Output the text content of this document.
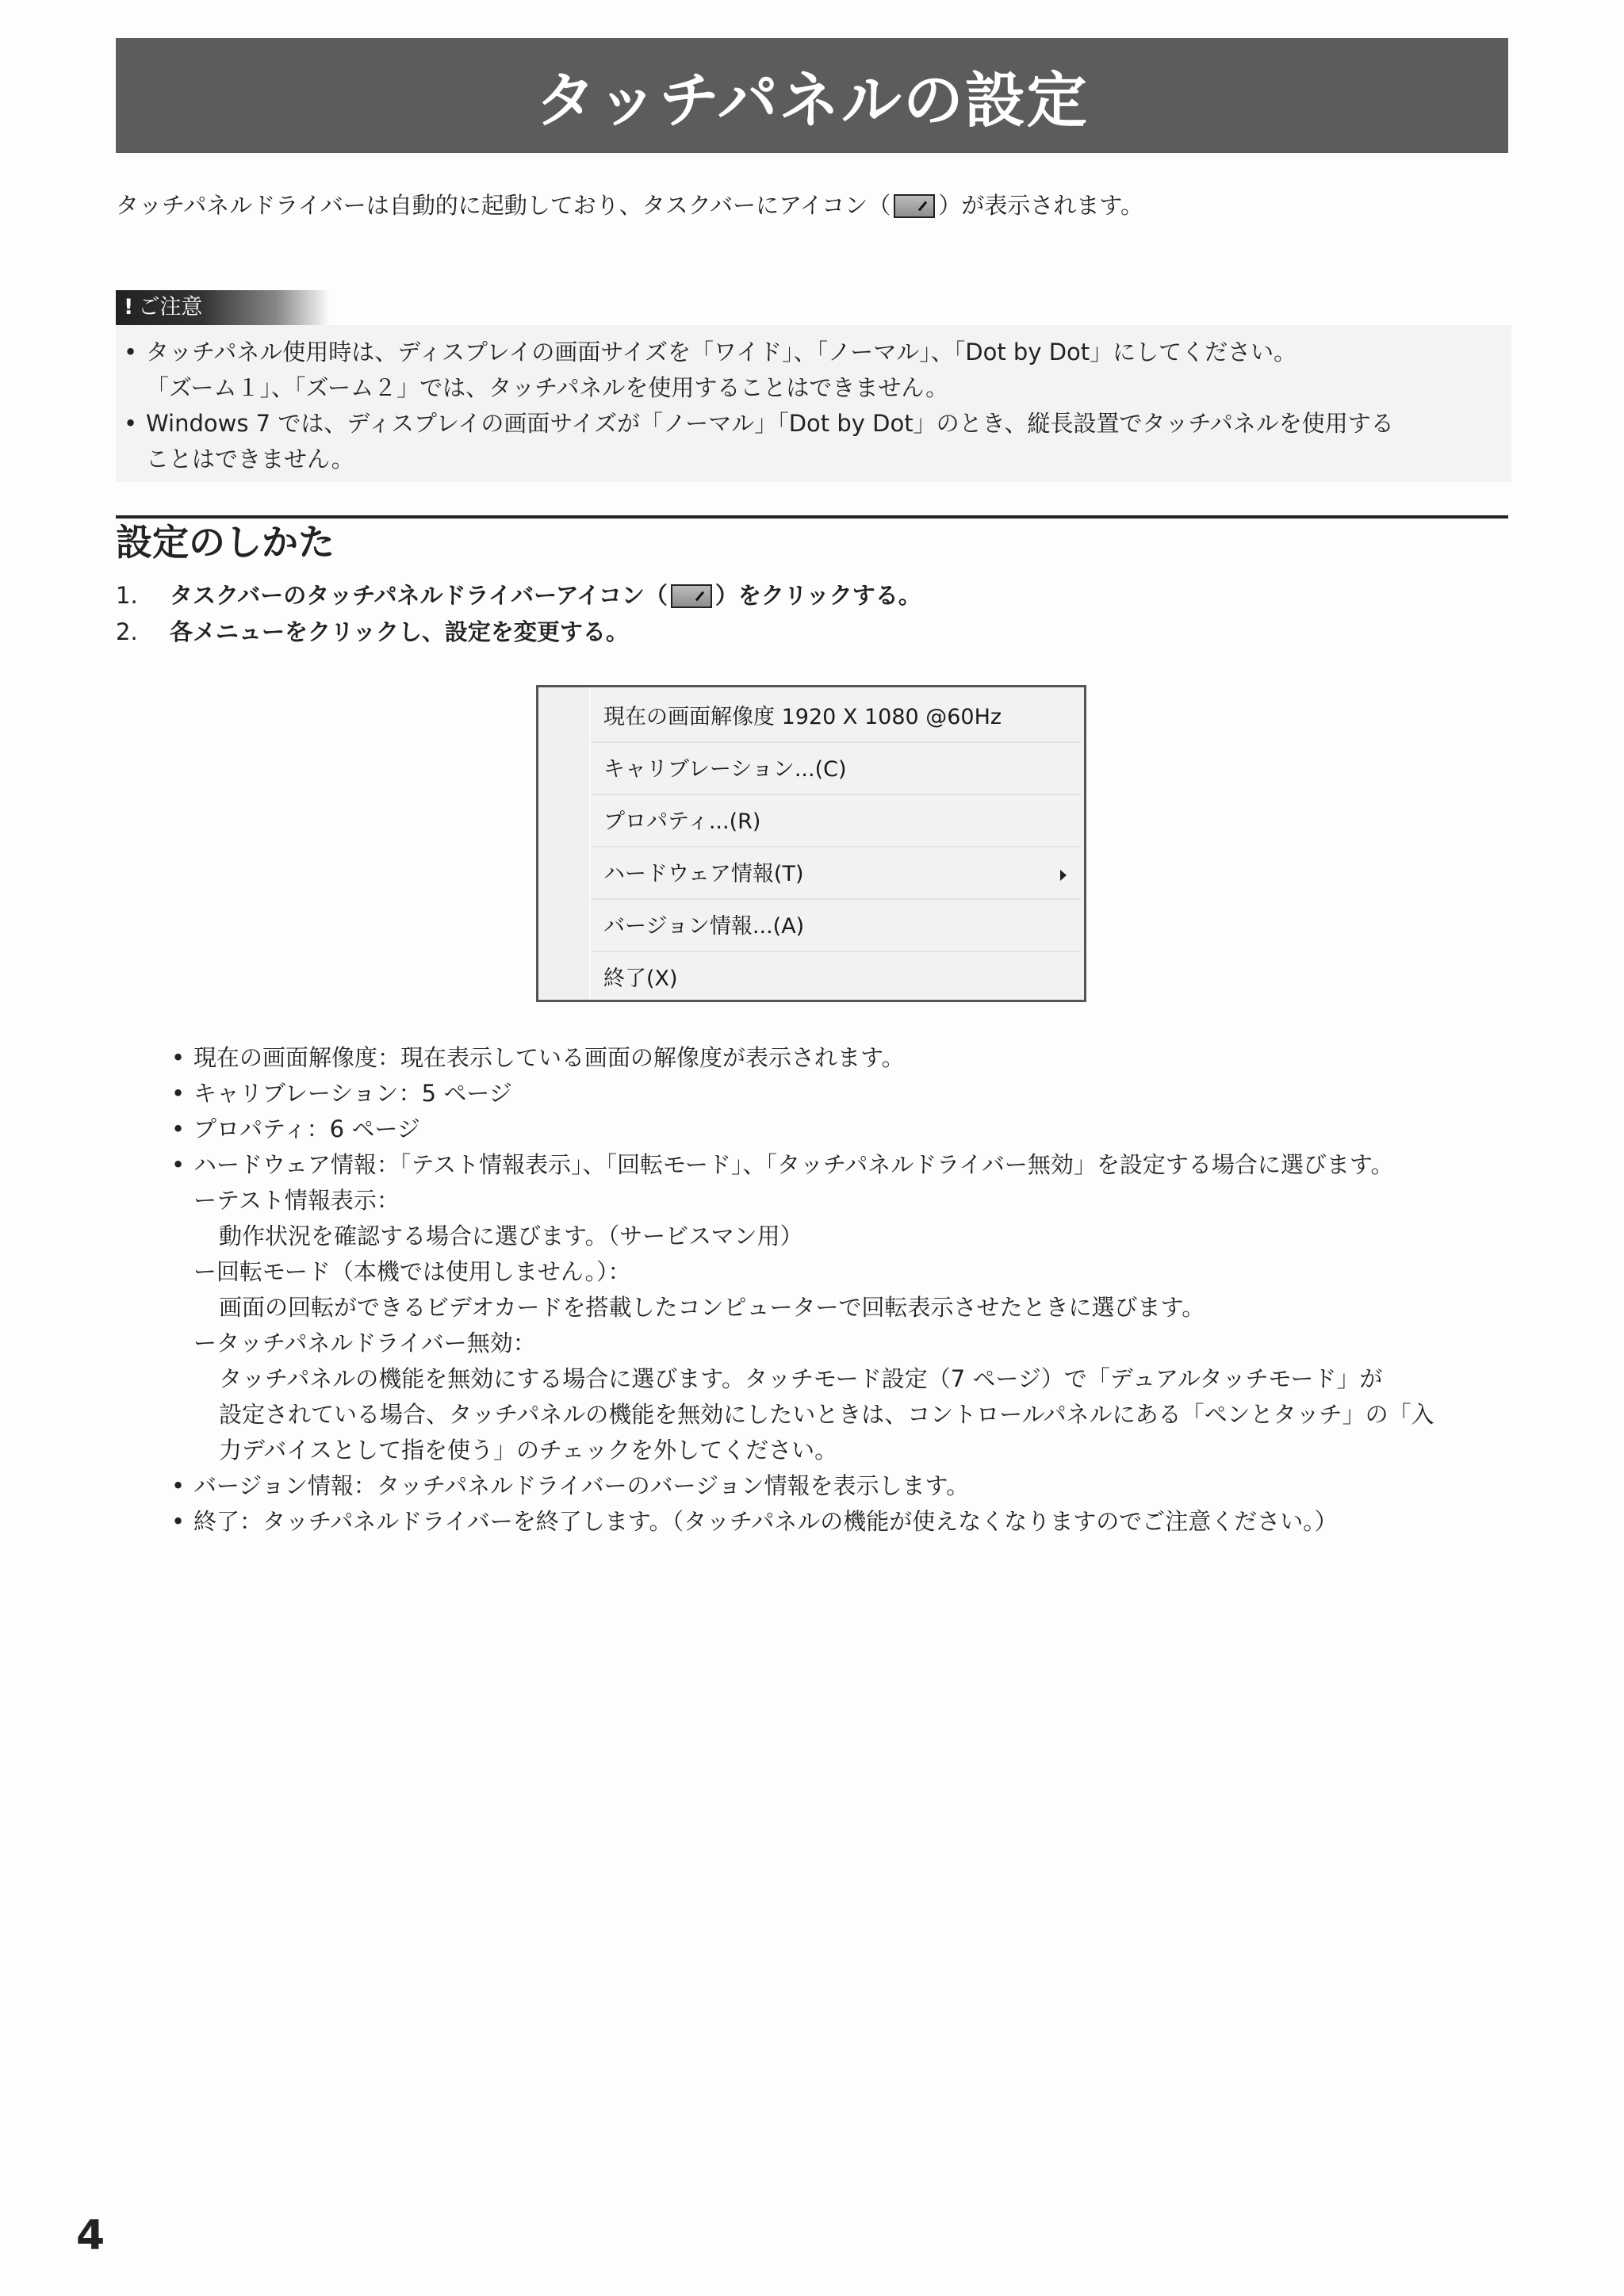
タッチパネルの設定
タッチパネルドライバーは自動的に起動しており、タスクバーにアイコン（ ）が表示されます。
! ご注意
• タッチパネル使用時は、ディスプレイの画面サイズを「ワイド」、「ノーマル」、「Dot by Dot」にしてください。
「ズーム１」、「ズーム２」では、タッチパネルを使用することはできません。
• Windows 7 では、ディスプレイの画面サイズが「ノーマル」「Dot by Dot」のとき、縦長設置でタッチパネルを使用する
ことはできません。
設定のしかた
1.	タスクバーのタッチパネルドライバーアイコン（ ）をクリックする。
2.	各メニューをクリックし、設定を変更する。
現在の画面解像度 1920 X 1080 @60Hz
キャリブレーション...(C)
プロパティ...(R)
ハードウェア情報(T)
バージョン情報...(A)
終了(X)
• 現在の画面解像度：現在表示している画面の解像度が表示されます。
• キャリブレーション：5 ページ
• プロパティ：6 ページ
• ハードウェア情報：「テスト情報表示」、「回転モード」、「タッチパネルドライバー無効」を設定する場合に選びます。
ーテスト情報表示：
動作状況を確認する場合に選びます。（サービスマン用）
ー回転モード（本機では使用しません。）：
画面の回転ができるビデオカードを搭載したコンピューターで回転表示させたときに選びます。
ータッチパネルドライバー無効：
タッチパネルの機能を無効にする場合に選びます。タッチモード設定（7 ページ）で「デュアルタッチモード」が
設定されている場合、タッチパネルの機能を無効にしたいときは、コントロールパネルにある「ペンとタッチ」の「入
力デバイスとして指を使う」のチェックを外してください。
• バージョン情報：タッチパネルドライバーのバージョン情報を表示します。
• 終了：タッチパネルドライバーを終了します。（タッチパネルの機能が使えなくなりますのでご注意ください。）
4
